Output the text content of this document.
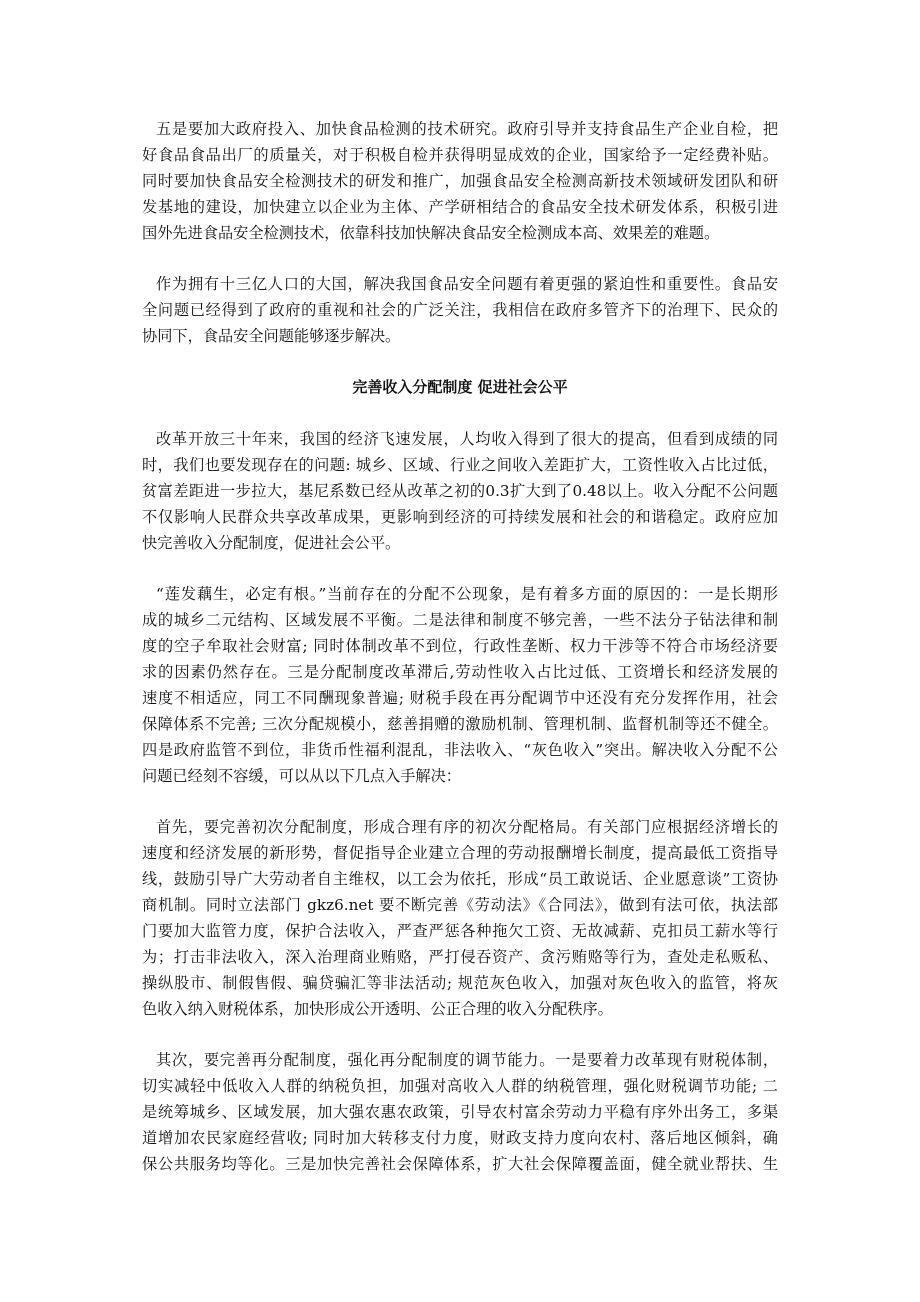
五是要加大政府投入、加快食品检测的技术研究。政府引导并支持食品生产企业自检，把
好食品食品出厂的质量关，对于积极自检并获得明显成效的企业，国家给予一定经费补贴。
同时要加快食品安全检测技术的研发和推广，加强食品安全检测高新技术领域研发团队和研
发基地的建设，加快建立以企业为主体、产学研相结合的食品安全技术研发体系，积极引进
国外先进食品安全检测技术，依靠科技加快解决食品安全检测成本高、效果差的难题。
作为拥有十三亿人口的大国，解决我国食品安全问题有着更强的紧迫性和重要性。食品安
全问题已经得到了政府的重视和社会的广泛关注，我相信在政府多管齐下的治理下、民众的
协同下，食品安全问题能够逐步解决。
完善收入分配制度 促进社会公平
改革开放三十年来，我国的经济飞速发展，人均收入得到了很大的提高，但看到成绩的同
时，我们也要发现存在的问题: 城乡、区域、行业之间收入差距扩大，工资性收入占比过低，
贫富差距进一步拉大，基尼系数已经从改革之初的0.3扩大到了0.48以上。收入分配不公问题
不仅影响人民群众共享改革成果，更影响到经济的可持续发展和社会的和谐稳定。政府应加
快完善收入分配制度，促进社会公平。
“莲发藕生，必定有根。”当前存在的分配不公现象，是有着多方面的原因的：一是长期形
成的城乡二元结构、区域发展不平衡。二是法律和制度不够完善，一些不法分子钻法律和制
度的空子牟取社会财富; 同时体制改革不到位，行政性垄断、权力干涉等不符合市场经济要
求的因素仍然存在。三是分配制度改革滞后,劳动性收入占比过低、工资增长和经济发展的
速度不相适应，同工不同酬现象普遍; 财税手段在再分配调节中还没有充分发挥作用，社会
保障体系不完善; 三次分配规模小，慈善捐赠的激励机制、管理机制、监督机制等还不健全。
四是政府监管不到位，非货币性福利混乱，非法收入、“灰色收入”突出。解决收入分配不公
问题已经刻不容缓，可以从以下几点入手解决：
首先，要完善初次分配制度，形成合理有序的初次分配格局。有关部门应根据经济增长的
速度和经济发展的新形势，督促指导企业建立合理的劳动报酬增长制度，提高最低工资指导
线，鼓励引导广大劳动者自主维权，以工会为依托，形成“员工敢说话、企业愿意谈”工资协
商机制。同时立法部门 gkz6.net 要不断完善《劳动法》《合同法》，做到有法可依，执法部
门要加大监管力度，保护合法收入，严查严惩各种拖欠工资、无故减薪、克扣员工薪水等行
为；打击非法收入，深入治理商业贿赂，严打侵吞资产、贪污贿赂等行为，查处走私贩私、
操纵股市、制假售假、骗贷骗汇等非法活动; 规范灰色收入，加强对灰色收入的监管，将灰
色收入纳入财税体系，加快形成公开透明、公正合理的收入分配秩序。
其次，要完善再分配制度，强化再分配制度的调节能力。一是要着力改革现有财税体制，
切实减轻中低收入人群的纳税负担，加强对高收入人群的纳税管理，强化财税调节功能; 二
是统筹城乡、区域发展，加大强农惠农政策，引导农村富余劳动力平稳有序外出务工，多渠
道增加农民家庭经营收; 同时加大转移支付力度，财政支持力度向农村、落后地区倾斜，确
保公共服务均等化。三是加快完善社会保障体系，扩大社会保障覆盖面，健全就业帮扶、生
